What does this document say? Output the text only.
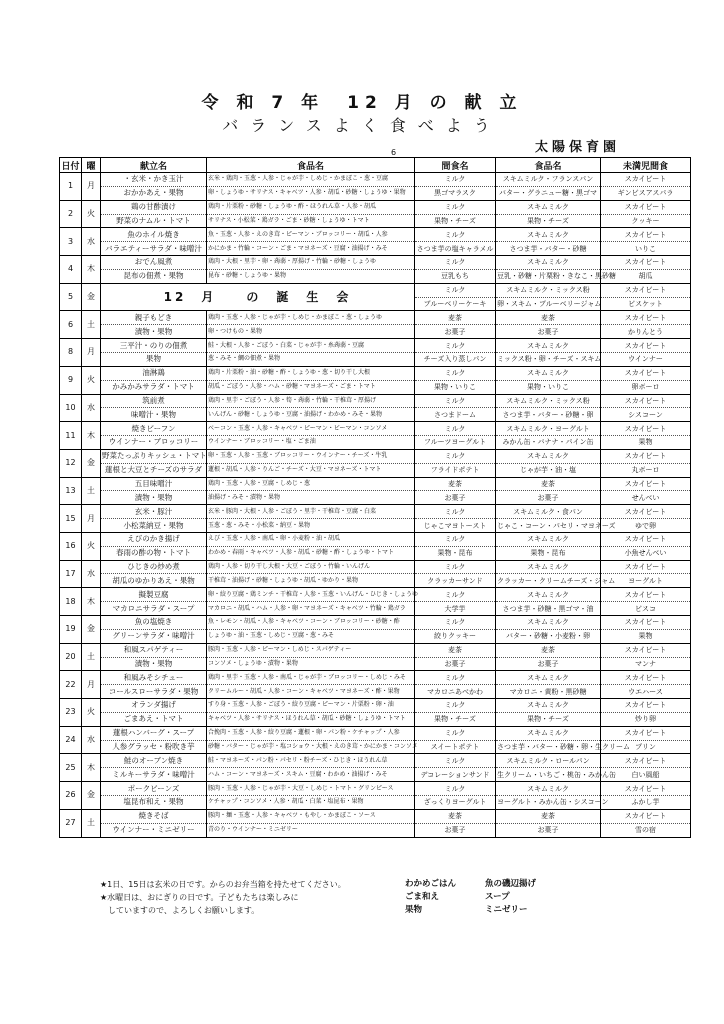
令 和 7 年　12 月 の 献 立
バランスよく食べよう
太陽保育園
6
日付	曜	献立名	食品名	間食名	食品名	未満児間食
1	月	・玄米・かき玉汁	玄米・鶏肉・玉葱・人参・じゃが芋・しめじ・かまぼこ・葱・豆腐	ミルク	スキムミルク・フランスパン	スカイビート
		おかかあえ・果物	卵・しょうゆ・サリナス・キャベツ・人参・胡瓜・砂糖・しょうゆ・果物	黒ゴマラスク	バター・グラニュー糖・黒ゴマ	ギンビスアスパラ
2	火	鶏の甘酢漬け	鶏肉・片栗粉・砂糖・しょうゆ・酢・ほうれん草・人参・胡瓜	ミルク	スキムミルク	スカイビート
		野菜のナムル・トマト	サリナス・小松菜・鶏ガラ・ごま・砂糖・しょうゆ・トマト	果物・チーズ	果物・チーズ	クッキー
3	水	魚のホイル焼き	魚・玉葱・人参・えのき茸・ピーマン・ブロッコリー・胡瓜・人参	ミルク	スキムミルク	スカイビート
		バラエティーサラダ・味噌汁	かにかま・竹輪・コーン・ごま・マヨネーズ・豆腐・油揚げ・みそ	さつま芋の塩キャラメル	さつま芋・バター・砂糖	いりこ
4	木	おでん風煮	鶏肉・大根・里芋・卵・蒟蒻・厚揚げ・竹輪・砂糖・しょうゆ	ミルク	スキムミルク	スカイビート
		昆布の佃煮・果物	昆布・砂糖・しょうゆ・果物	豆乳もち	豆乳・砂糖・片栗粉・きなこ・黒砂糖	胡瓜
5	金	12　月　　の　誕　生　会		ミルク	スキムミルク・ミックス粉	スカイビート
				ブルーベリーケーキ	卵・スキム・ブルーベリージャム	ビスケット
6	土	親子もどき	鶏肉・玉葱・人参・じゃが芋・しめじ・かまぼこ・葱・しょうゆ	麦茶	麦茶	スカイビート
		漬物・果物	卵・つけもの・果物	お菓子	お菓子	かりんとう
8	月	三平汁・のりの佃煮	鮭・大根・人参・ごぼう・白菜・じゃが芋・糸蒟蒻・豆腐	ミルク	スキムミルク	スカイビート
		果物	葱・みそ・鯛の佃煮・果物	チーズ入り蒸しパン	ミックス粉・卵・チーズ・スキム	ウインナー
9	火	油淋鶏	鶏肉・片栗粉・油・砂糖・酢・しょうゆ・葱・切り干し大根	ミルク	スキムミルク	スカイビート
		かみかみサラダ・トマト	胡瓜・ごぼう・人参・ハム・砂糖・マヨネーズ・ごま・トマト	果物・いりこ	果物・いりこ	卵ボーロ
10	水	筑前煮	鶏肉・里芋・ごぼう・人参・筍・蒟蒻・竹輪・干椎茸・厚揚げ	ミルク	スキムミルク・ミックス粉	スカイビート
		味噌汁・果物	いんげん・砂糖・しょうゆ・豆腐・油揚げ・わかめ・みそ・果物	さつまドーム	さつま芋・バター・砂糖・卵	シスコーン
11	木	焼きビーフン	ベーコン・玉葱・人参・キャベツ・ピーマン・ビーマン・コンソメ	ミルク	スキムミルク・ヨーグルト	スカイビート
		ウインナー・ブロッコリー	ウインナー・ブロッコリー・塩・ごま油	フルーツヨーグルト	みかん缶・バナナ・パイン缶	果物
12	金	野菜たっぷりキッシュ・トマト	卵・玉葱・人参・玉葱・ブロッコリー・ウインナー・チーズ・牛乳	ミルク	スキムミルク	スカイビート
		蓮根と大豆とチーズのサラダ	蓮根・胡瓜・人参・りんご・チーズ・大豆・マヨネーズ・トマト	フライドポテト	じゃが芋・油・塩	丸ボーロ
13	土	五目味噌汁	鶏肉・玉葱・人参・豆腐・しめじ・葱	麦茶	麦茶	スカイビート
		漬物・果物	油揚げ・みそ・漬物・果物	お菓子	お菓子	せんべい
15	月	玄米・豚汁	玄米・豚肉・大根・人参・ごぼう・里芋・干椎茸・豆腐・白菜	ミルク	スキムミルク・食パン	スカイビート
		小松菜納豆・果物	玉葱・葱・みそ・小松菜・納豆・果物	じゃこマヨトースト	じゃこ・コーン・パセリ・マヨネーズ	ゆで卵
16	火	えびのかき揚げ	えび・玉葱・人参・南瓜・卵・小麦粉・油・胡瓜	ミルク	スキムミルク	スカイビート
		春雨の酢の物・トマト	わかめ・春雨・キャベツ・人参・胡瓜・砂糖・酢・しょうゆ・トマト	果物・昆布	果物・昆布	小魚せんべい
17	水	ひじきの炒め煮	鶏肉・人参・切り干し大根・大豆・ごぼう・竹輪・いんげん	ミルク	スキムミルク	スカイビート
		胡瓜のゆかりあえ・果物	干椎茸・油揚げ・砂糖・しょうゆ・胡瓜・ゆかり・果物	クラッカーサンド	クラッカー・クリームチーズ・ジャム	ヨーグルト
18	木	擬製豆腐	卵・絞り豆腐・鶏ミンチ・干椎茸・人参・玉葱・いんげん・ひじき・しょうゆ	ミルク	スキムミルク	スカイビート
		マカロニサラダ・スープ	マカロニ・胡瓜・ハム・人参・卵・マヨネーズ・キャベツ・竹輪・鶏ガラ	大学芋	さつま芋・砂糖・黒ゴマ・油	ビスコ
19	金	魚の塩焼き	魚・レモン・胡瓜・人参・キャベツ・コーン・ブロッコリー・砂糖・酢	ミルク	スキムミルク	スカイビート
		グリーンサラダ・味噌汁	しょうゆ・油・玉葱・しめじ・豆腐・葱・みそ	絞りクッキー	バター・砂糖・小麦粉・卵	果物
20	土	和風スパゲティー	豚肉・玉葱・人参・ピーマン・しめじ・スパゲティー	麦茶	麦茶	スカイビート
		漬物・果物	コンソメ・しょうゆ・漬物・果物	お菓子	お菓子	マンナ
22	月	和風みそシチュー	鶏肉・里芋・玉葱・人参・南瓜・じゃが芋・ブロッコリー・しめじ・みそ	ミルク	スキムミルク	スカイビート
		コールスローサラダ・果物	クリームルー・胡瓜・人参・コーン・キャベツ・マヨネーズ・酢・果物	マカロニあべかわ	マカロニ・黄粉・黒砂糖	ウエハース
23	火	オランダ揚げ	すり身・玉葱・人参・ごぼう・絞り豆腐・ピーマン・片栗粉・卵・油	ミルク	スキムミルク	スカイビート
		ごまあえ・トマト	キャベツ・人参・サリナス・ほうれん草・胡瓜・砂糖・しょうゆ・トマト	果物・チーズ	果物・チーズ	炒り卵
24	水	蓮根ハンバーグ・スープ	合挽肉・玉葱・人参・絞り豆腐・蓮根・卵・パン粉・ケチャップ・人参	ミルク	スキムミルク	スカイビート
		人参グラッセ・粉吹き芋	砂糖・バター・じゃが芋・塩コショウ・大根・えのき茸・かにかま・コンソメ	スイートポテト	さつま芋・バター・砂糖・卵・生クリーム	プリン
25	木	鮭のオーブン焼き	鮭・マヨネーズ・パン粉・パセリ・粉チーズ・ひじき・ほうれん草	ミルク	スキムミルク・ロールパン	スカイビート
		ミルキーサラダ・味噌汁	ハム・コーン・マヨネーズ・スキム・豆腐・わかめ・油揚げ・みそ	デコレーションサンド	生クリーム・いちご・桃缶・みかん缶	白い風船
26	金	ポークビーンズ	豚肉・玉葱・人参・じゃが芋・大豆・しめじ・トマト・グリンピース	ミルク	スキムミルク	スカイビート
		塩昆布和え・果物	ケチャップ・コンソメ・人参・胡瓜・白菜・塩昆布・果物	ざっくりヨーグルト	ヨーグルト・みかん缶・シスコーン	ふかし芋
27	土	焼きそば	豚肉・麺・玉葱・人参・キャベツ・もやし・かまぼこ・ソース	麦茶	麦茶	スカイビート
		ウインナー・ミニゼリー	青のり・ウインナー・ミニゼリー	お菓子	お菓子	雪の宿
★1日、15日は玄米の日です。からのお弁当箱を持たせてください。
★水曜日は、おにぎりの日です。子どもたちは楽しみに
　していますので、よろしくお願いします。
わかめごはん	魚の磯辺揚げ
ごま和え	スープ
果物	ミニゼリー
